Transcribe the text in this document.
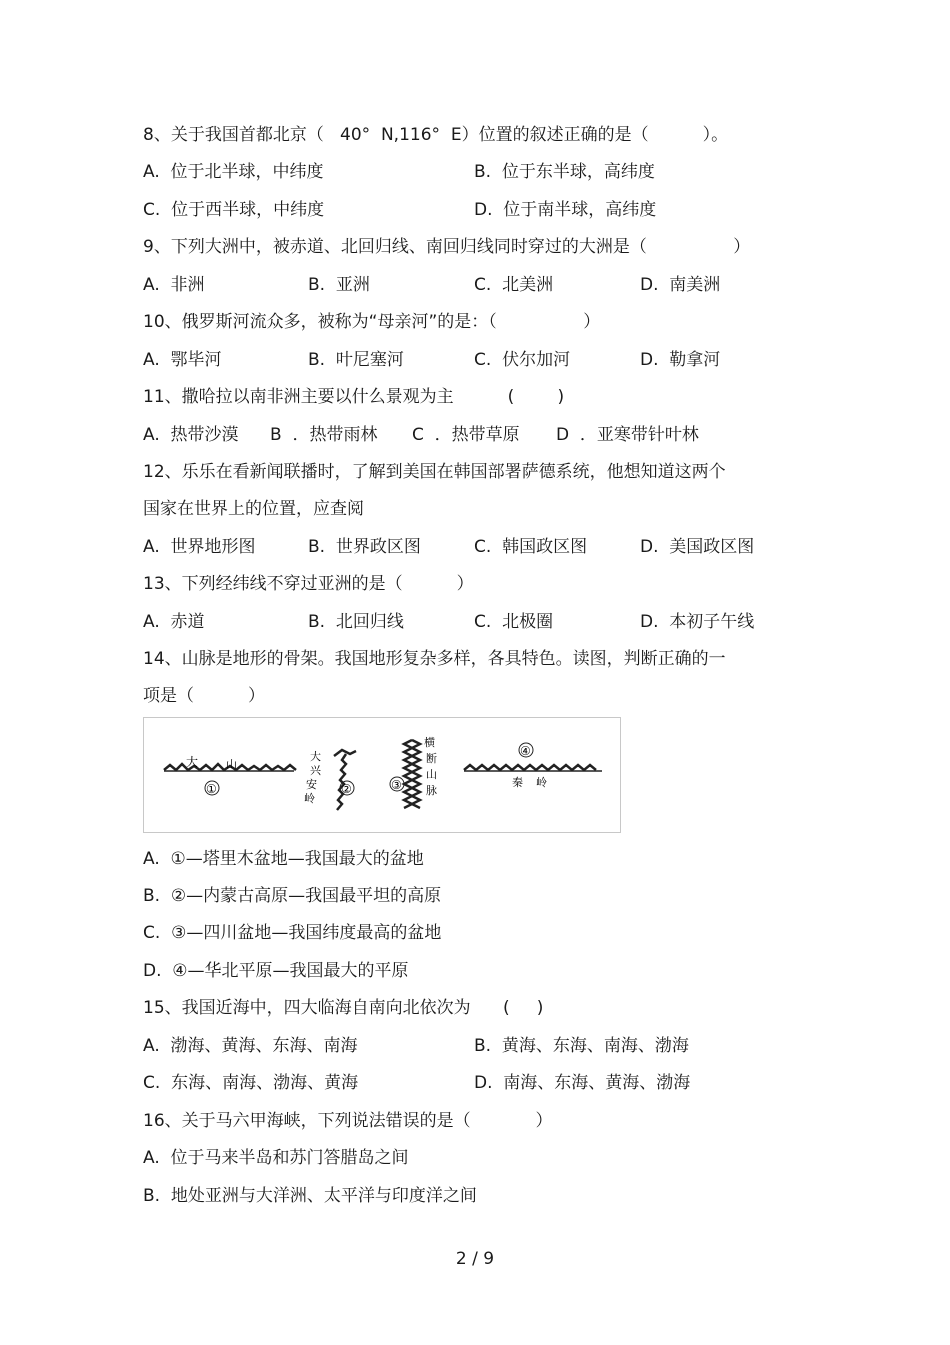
8、关于我国首都北京（   40°  N,116°  E）位置的叙述正确的是（          ）。
A.  位于北半球，中纬度	B.  位于东半球，高纬度
C.  位于西半球，中纬度	D.  位于南半球，高纬度
9、下列大洲中，被赤道、北回归线、南回归线同时穿过的大洲是（                ）
A.  非洲	B.  亚洲	C.  北美洲	D.  南美洲
10、俄罗斯河流众多，被称为“母亲河”的是：（                ）
A.  鄂毕河	B.  叶尼塞河	C.  伏尔加河	D.  勒拿河
11、撒哈拉以南非洲主要以什么景观为主          (        )
A.  热带沙漠 B  ．热带雨林 C  ．热带草原 D  ．亚寒带针叶林
12、乐乐在看新闻联播时，了解到美国在韩国部署萨德系统，他想知道这两个
国家在世界上的位置，应查阅
A.  世界地形图	B.  世界政区图	C.  韩国政区图	D.  美国政区图
13、下列经纬线不穿过亚洲的是（          ）
A.  赤道	B.  北回归线	C.  北极圈	D.  本初子午线
14、山脉是地形的骨架。我国地形复杂多样，各具特色。读图，判断正确的一
项是（          ）
大	山
①
大
兴
安
岭
②
横
断
山
脉
③
④
秦 岭
A.  ①—塔里木盆地—我国最大的盆地
B.  ②—内蒙古高原—我国最平坦的高原
C.  ③—四川盆地—我国纬度最高的盆地
D.  ④—华北平原—我国最大的平原
15、我国近海中，四大临海自南向北依次为      (     )
A.  渤海、黄海、东海、南海	B.  黄海、东海、南海、渤海
C.  东海、南海、渤海、黄海	D.  南海、东海、黄海、渤海
16、关于马六甲海峡，下列说法错误的是（            ）
A.  位于马来半岛和苏门答腊岛之间
B.  地处亚洲与大洋洲、太平洋与印度洋之间
2 / 9
